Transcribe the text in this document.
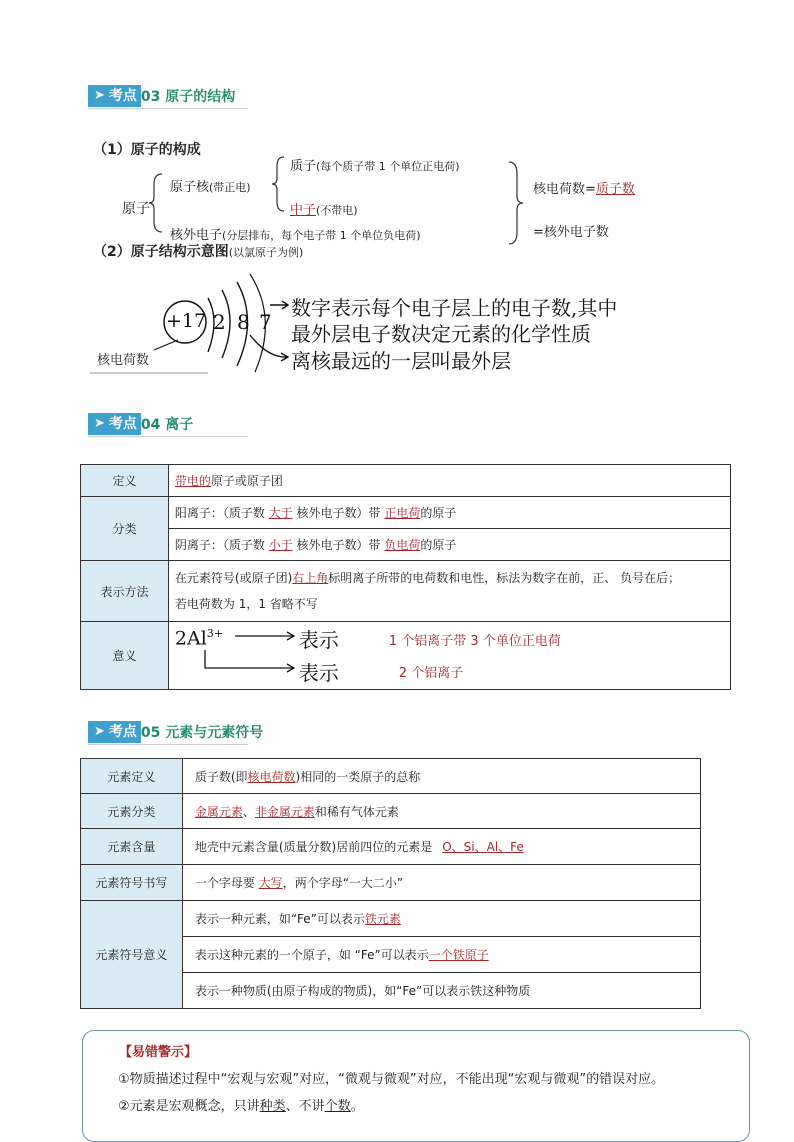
➤ 考点 03 原子的结构
（1）原子的构成
原子
原子核(带正电)
质子(每个质子带 1 个单位正电荷)
中子(不带电)
核外电子(分层排布，每个电子带 1 个单位负电荷)
核电荷数=质子数
=核外电子数
（2）原子结构示意图(以氯原子为例)
+17 2 8 7
核电荷数
数字表示每个电子层上的电子数,其中
最外层电子数决定元素的化学性质
离核最远的一层叫最外层
➤ 考点 04 离子
定义	带电的原子或原子团
分类	阳离子：（质子数 大于 核外电子数）带 正电荷的原子
	阴离子：（质子数 小于 核外电子数）带 负电荷的原子
表示方法	在元素符号(或原子团)右上角标明离子所带的电荷数和电性，标法为数字在前，正、 负号在后；
若电荷数为 1，1 省略不写
意义	$2Al^{3+}$ 表示
表示
1 个铝离子带 3 个单位正电荷
2 个铝离子
➤ 考点 05 元素与元素符号
元素定义	质子数(即核电荷数)相同的一类原子的总称
元素分类	金属元素、非金属元素和稀有气体元素
元素含量	地壳中元素含量(质量分数)居前四位的元素是 O、Si、Al、Fe
元素符号书写	一个字母要 大写，两个字母“一大二小”
元素符号意义	表示一种元素，如“Fe”可以表示铁元素
	表示这种元素的一个原子，如 “Fe”可以表示一个铁原子
	表示一种物质(由原子构成的物质)，如“Fe”可以表示铁这种物质
【易错警示】
①物质描述过程中“宏观与宏观”对应，“微观与微观”对应，不能出现“宏观与微观”的错误对应。
②元素是宏观概念，只讲种类、不讲个数。
